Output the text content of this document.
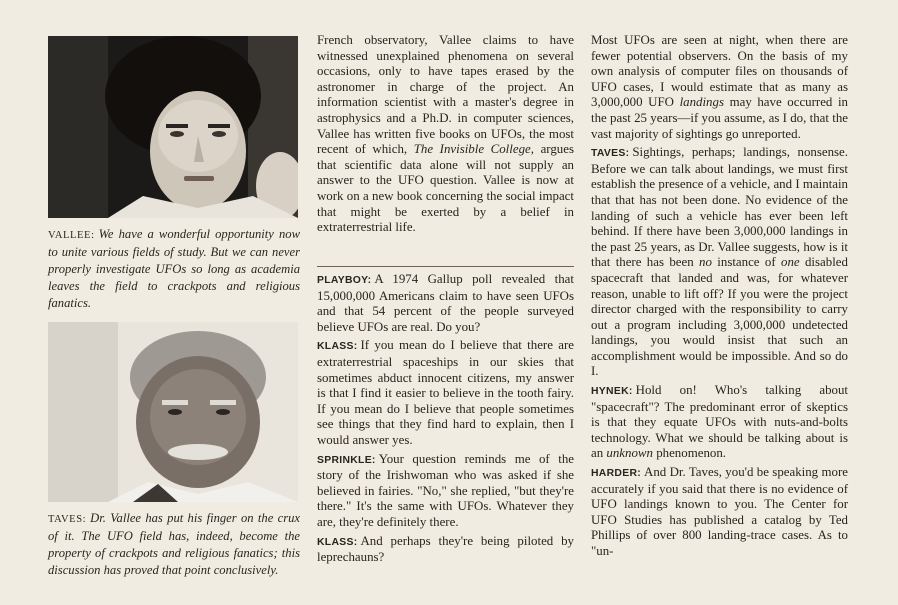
VALLEE: We have a wonderful opportunity now to unite various fields of study. But we can never properly investigate UFOs so long as academia leaves the field to crackpots and religious fanatics.
TAVES: Dr. Vallee has put his finger on the crux of it. The UFO field has, indeed, become the property of crackpots and religious fanatics; this discussion has proved that point conclusively.

French observatory, Vallee claims to have witnessed unexplained phenomena on several occasions, only to have tapes erased by the astronomer in charge of the project. An information scientist with a master's degree in astrophysics and a Ph.D. in computer sciences, Vallee has written five books on UFOs, the most recent of which, The Invisible College, argues that scientific data alone will not supply an answer to the UFO question. Vallee is now at work on a new book concerning the social impact that might be exerted by a belief in extraterrestrial life.

PLAYBOY: A 1974 Gallup poll revealed that 15,000,000 Americans claim to have seen UFOs and that 54 percent of the people surveyed believe UFOs are real. Do you?

KLASS: If you mean do I believe that there are extraterrestrial spaceships in our skies that sometimes abduct innocent citizens, my answer is that I find it easier to believe in the tooth fairy. If you mean do I believe that people sometimes see things that they find hard to explain, then I would answer yes.

SPRINKLE: Your question reminds me of the story of the Irishwoman who was asked if she believed in fairies. "No," she replied, "but they're there." It's the same with UFOs. Whatever they are, they're definitely there.

KLASS: And perhaps they're being piloted by leprechauns?

Most UFOs are seen at night, when there are fewer potential observers. On the basis of my own analysis of computer files on thousands of UFO cases, I would estimate that as many as 3,000,000 UFO landings may have occurred in the past 25 years—if you assume, as I do, that the vast majority of sightings go unreported.

TAVES: Sightings, perhaps; landings, nonsense. Before we can talk about landings, we must first establish the presence of a vehicle, and I maintain that that has not been done. No evidence of the landing of such a vehicle has ever been left behind. If there have been 3,000,000 landings in the past 25 years, as Dr. Vallee suggests, how is it that there has been no instance of one disabled spacecraft that landed and was, for whatever reason, unable to lift off? If you were the project director charged with the responsibility to carry out a program including 3,000,000 undetected landings, you would insist that such an accomplishment would be impossible. And so do I.

HYNEK: Hold on! Who's talking about "spacecraft"? The predominant error of skeptics is that they equate UFOs with nuts-and-bolts technology. What we should be talking about is an unknown phenomenon.

HARDER: And Dr. Taves, you'd be speaking more accurately if you said that there is no evidence of UFO landings known to you. The Center for UFO Studies has published a catalog by Ted Phillips of over 800 landing-trace cases. As to "un-
